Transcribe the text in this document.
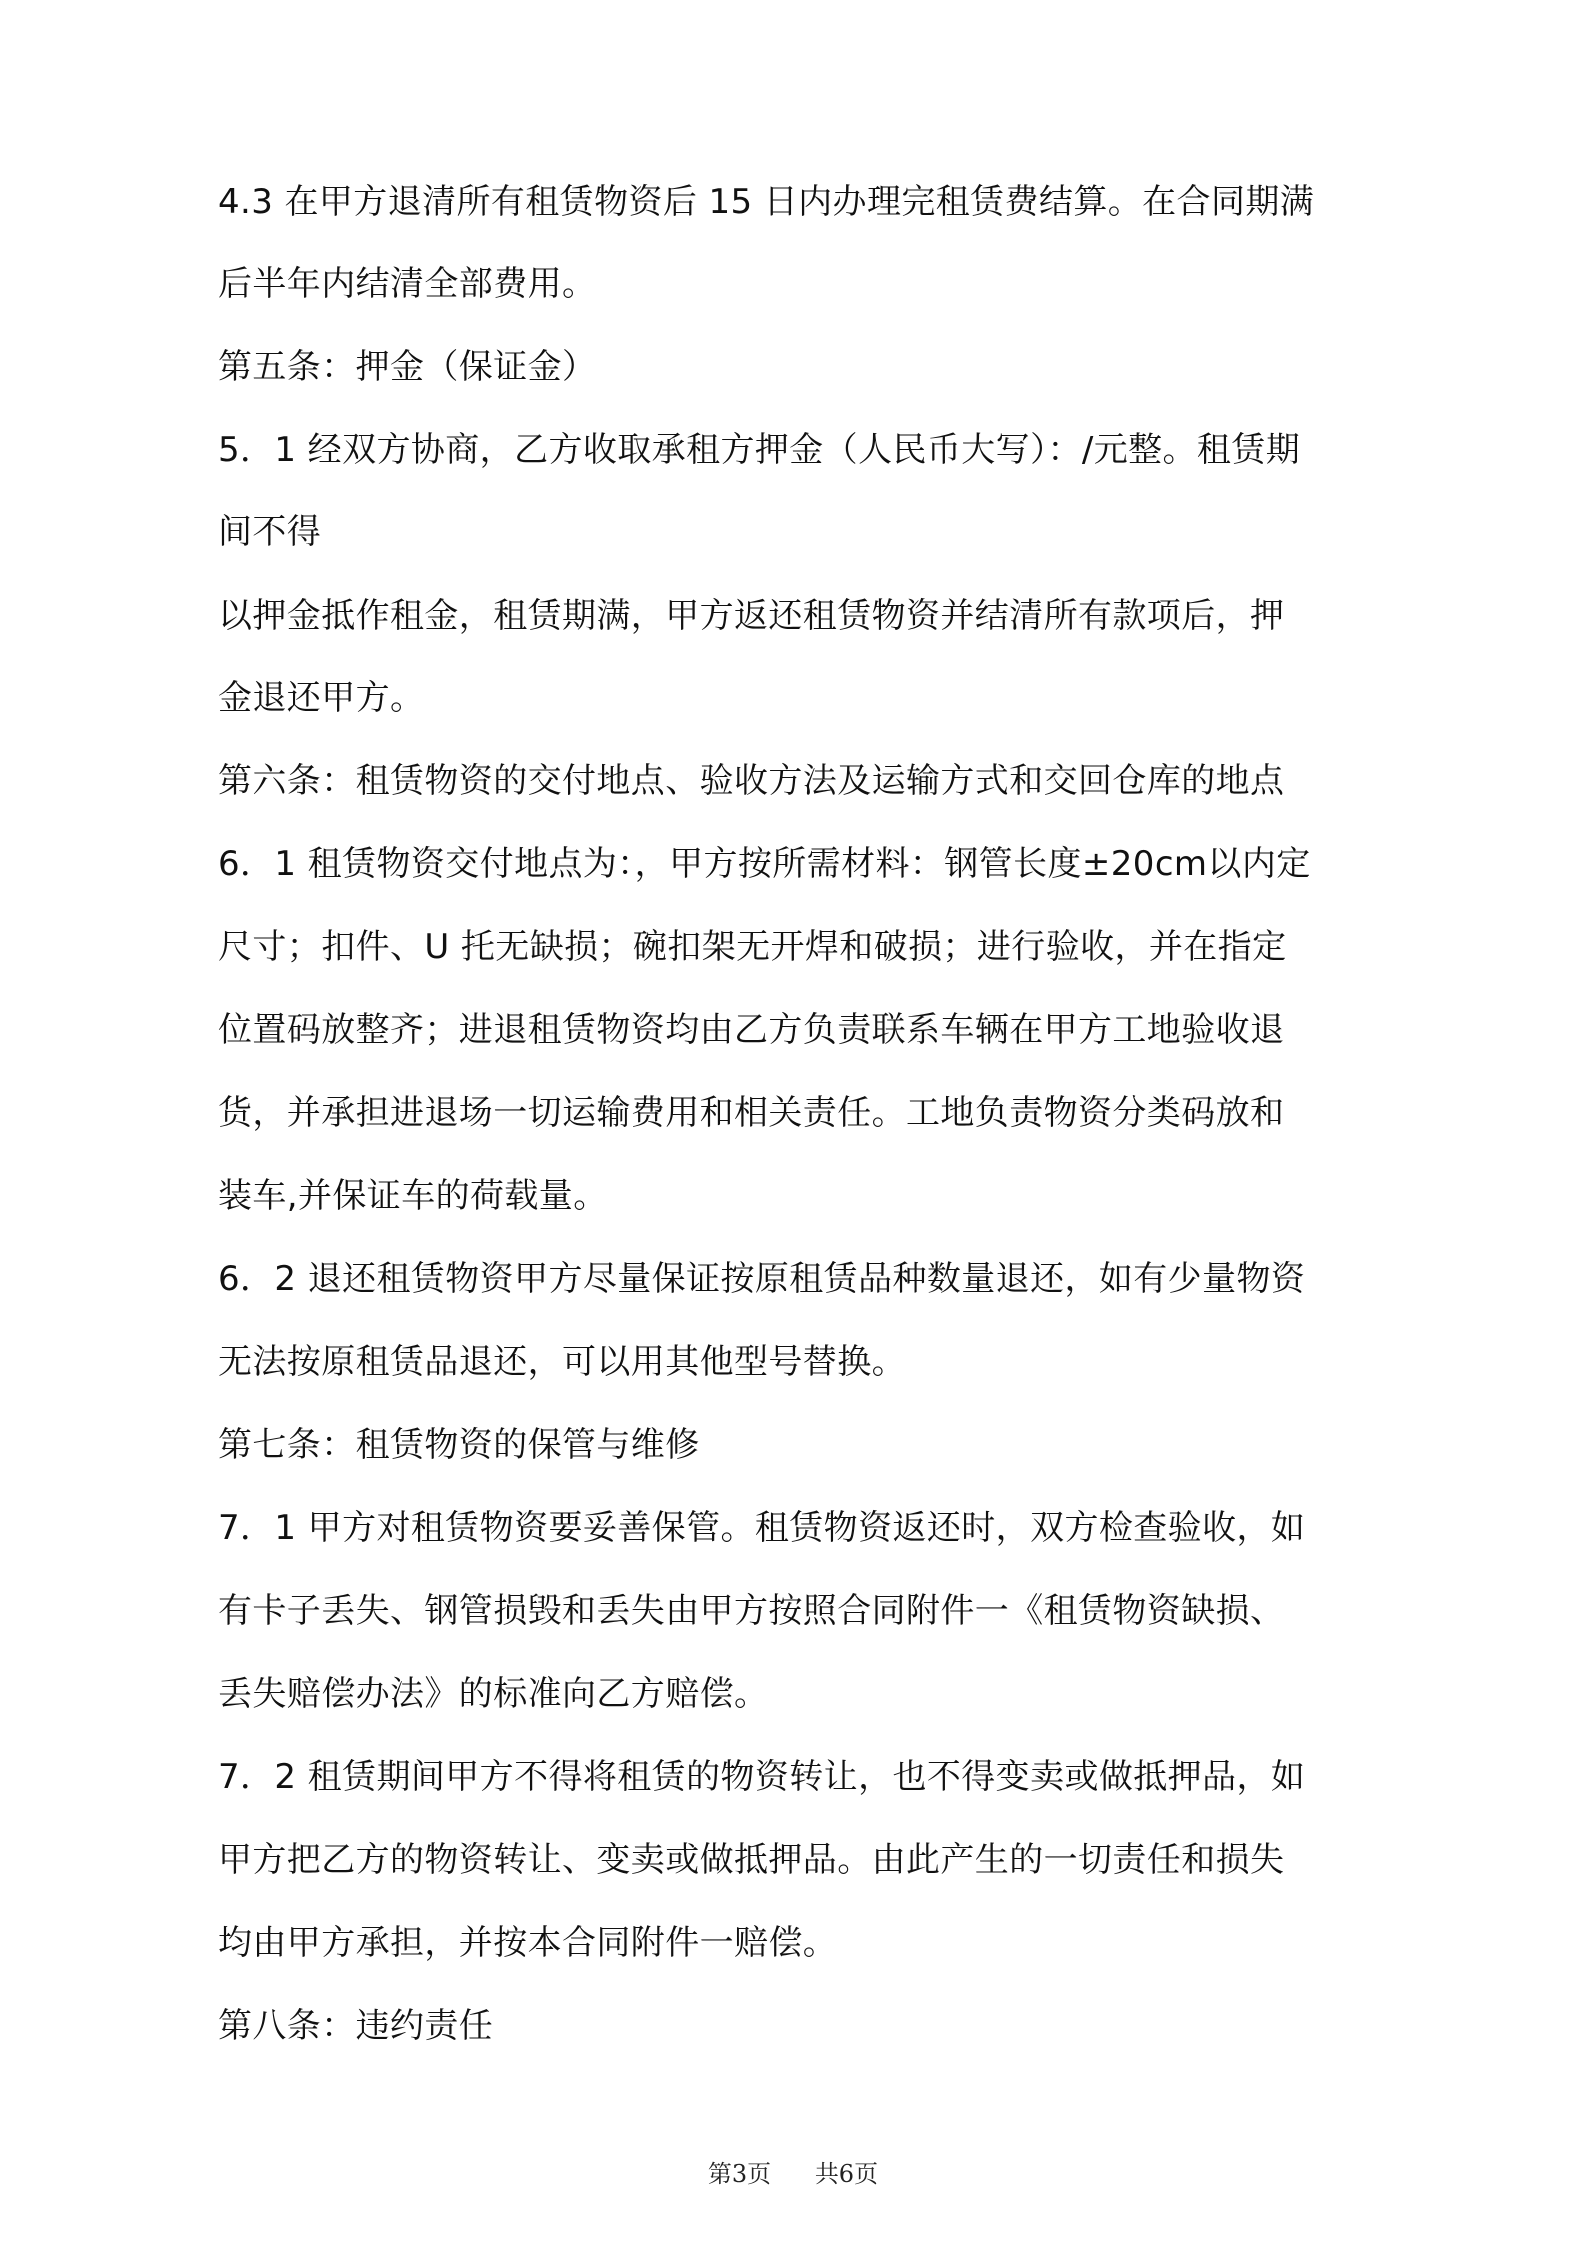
4.3 在甲方退清所有租赁物资后 15 日内办理完租赁费结算。在合同期满
后半年内结清全部费用。
第五条：押金（保证金）
5．1 经双方协商，乙方收取承租方押金（人民币大写）：/元整。租赁期
间不得
以押金抵作租金，租赁期满，甲方返还租赁物资并结清所有款项后，押
金退还甲方。
第六条：租赁物资的交付地点、验收方法及运输方式和交回仓库的地点
6．1 租赁物资交付地点为：，甲方按所需材料：钢管长度±20cm以内定
尺寸；扣件、U 托无缺损；碗扣架无开焊和破损；进行验收，并在指定
位置码放整齐；进退租赁物资均由乙方负责联系车辆在甲方工地验收退
货，并承担进退场一切运输费用和相关责任。工地负责物资分类码放和
装车,并保证车的荷载量。
6．2 退还租赁物资甲方尽量保证按原租赁品种数量退还，如有少量物资
无法按原租赁品退还，可以用其他型号替换。
第七条：租赁物资的保管与维修
7．1 甲方对租赁物资要妥善保管。租赁物资返还时，双方检查验收，如
有卡子丢失、钢管损毁和丢失由甲方按照合同附件一《租赁物资缺损、
丢失赔偿办法》的标准向乙方赔偿。
7．2 租赁期间甲方不得将租赁的物资转让，也不得变卖或做抵押品，如
甲方把乙方的物资转让、变卖或做抵押品。由此产生的一切责任和损失
均由甲方承担，并按本合同附件一赔偿。
第八条：违约责任
第3页 共6页
